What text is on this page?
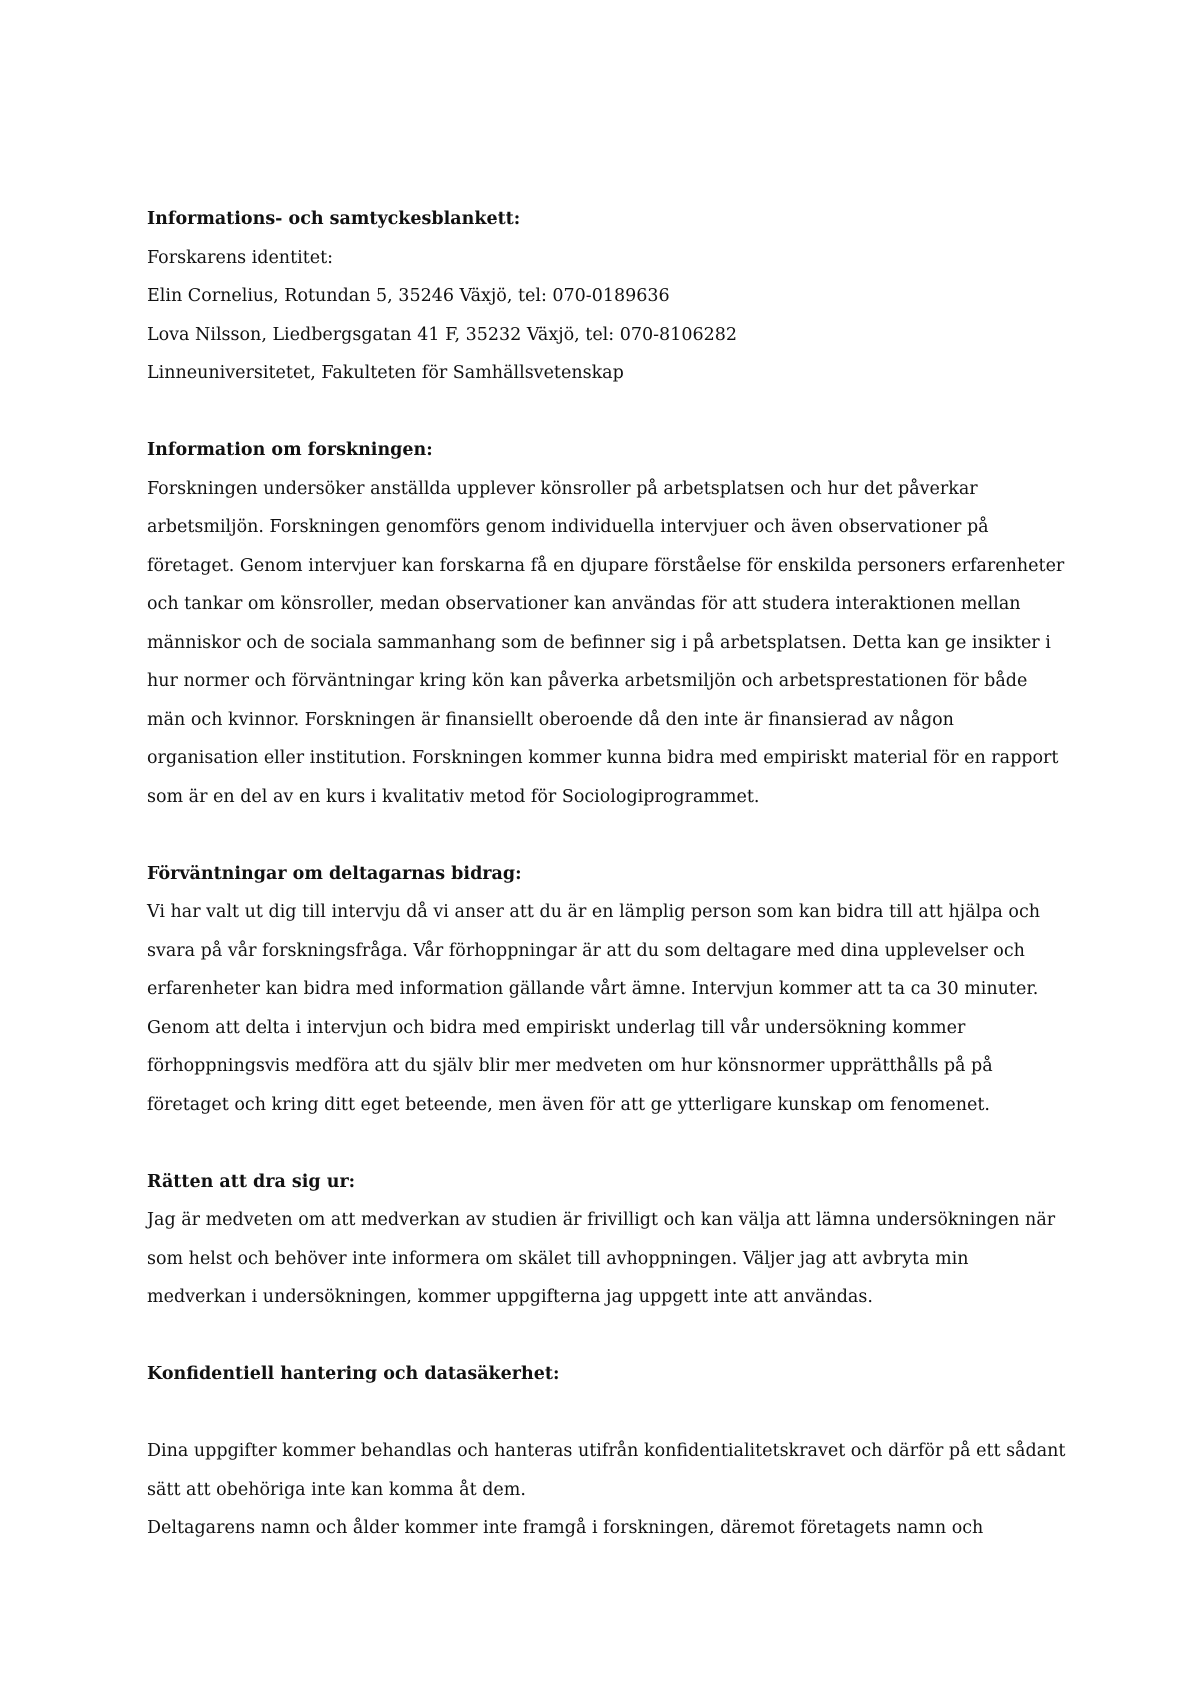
Informations- och samtyckesblankett:
Forskarens identitet:
Elin Cornelius, Rotundan 5, 35246 Växjö, tel: 070-0189636
Lova Nilsson, Liedbergsgatan 41 F, 35232 Växjö, tel: 070-8106282
Linneuniversitetet, Fakulteten för Samhällsvetenskap
Information om forskningen:
Forskningen undersöker anställda upplever könsroller på arbetsplatsen och hur det påverkar
arbetsmiljön. Forskningen genomförs genom individuella intervjuer och även observationer på
företaget. Genom intervjuer kan forskarna få en djupare förståelse för enskilda personers erfarenheter
och tankar om könsroller, medan observationer kan användas för att studera interaktionen mellan
människor och de sociala sammanhang som de befinner sig i på arbetsplatsen. Detta kan ge insikter i
hur normer och förväntningar kring kön kan påverka arbetsmiljön och arbetsprestationen för både
män och kvinnor. Forskningen är finansiellt oberoende då den inte är finansierad av någon
organisation eller institution. Forskningen kommer kunna bidra med empiriskt material för en rapport
som är en del av en kurs i kvalitativ metod för Sociologiprogrammet.
Förväntningar om deltagarnas bidrag:
Vi har valt ut dig till intervju då vi anser att du är en lämplig person som kan bidra till att hjälpa och
svara på vår forskningsfråga. Vår förhoppningar är att du som deltagare med dina upplevelser och
erfarenheter kan bidra med information gällande vårt ämne. Intervjun kommer att ta ca 30 minuter.
Genom att delta i intervjun och bidra med empiriskt underlag till vår undersökning kommer
förhoppningsvis medföra att du själv blir mer medveten om hur könsnormer upprätthålls på på
företaget och kring ditt eget beteende, men även för att ge ytterligare kunskap om fenomenet.
Rätten att dra sig ur:
Jag är medveten om att medverkan av studien är frivilligt och kan välja att lämna undersökningen när
som helst och behöver inte informera om skälet till avhoppningen. Väljer jag att avbryta min
medverkan i undersökningen, kommer uppgifterna jag uppgett inte att användas.
Konfidentiell hantering och datasäkerhet:
Dina uppgifter kommer behandlas och hanteras utifrån konfidentialitetskravet och därför på ett sådant
sätt att obehöriga inte kan komma åt dem.
Deltagarens namn och ålder kommer inte framgå i forskningen, däremot företagets namn och
